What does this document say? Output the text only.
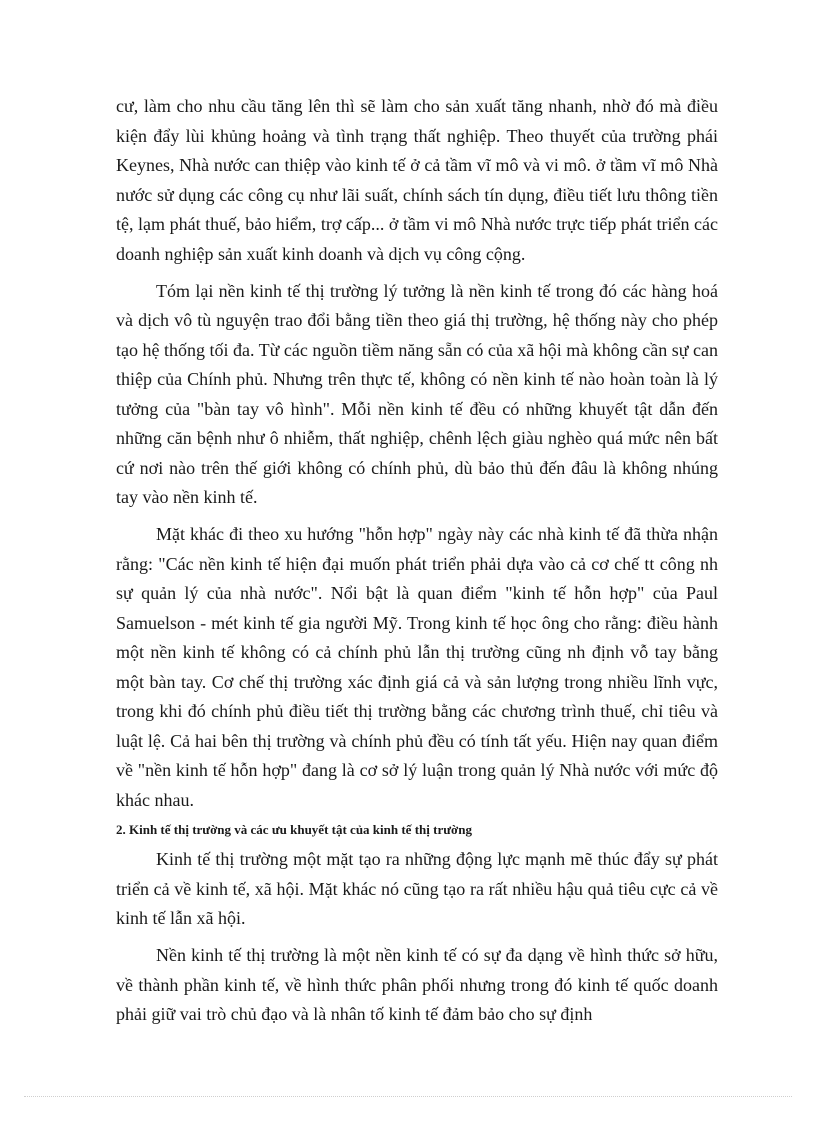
cư, làm cho nhu cầu tăng lên thì sẽ làm cho sản xuất tăng nhanh, nhờ đó mà điều kiện đẩy lùi khủng hoảng và tình trạng thất nghiệp. Theo thuyết của trường phái Keynes, Nhà nước can thiệp vào kinh tế ở cả tầm vĩ mô và vi mô. ở tầm vĩ mô Nhà nước sử dụng các công cụ như lãi suất, chính sách tín dụng, điều tiết lưu thông tiền tệ, lạm phát thuế, bảo hiểm, trợ cấp... ở tầm vi mô Nhà nước trực tiếp phát triển các doanh nghiệp sản xuất kinh doanh và dịch vụ công cộng.

Tóm lại nền kinh tế thị trường lý tưởng là nền kinh tế trong đó các hàng hoá và dịch vô tù nguyện trao đổi bằng tiền theo giá thị trường, hệ thống này cho phép tạo hệ thống tối đa. Từ các nguồn tiềm năng sẵn có của xã hội mà không cần sự can thiệp của Chính phủ. Nhưng trên thực tế, không có nền kinh tế nào hoàn toàn là lý tưởng của "bàn tay vô hình". Mỗi nền kinh tế đều có những khuyết tật dẫn đến những căn bệnh như ô nhiễm, thất nghiệp, chênh lệch giàu nghèo quá mức nên bất cứ nơi nào trên thế giới không có chính phủ, dù bảo thủ đến đâu là không nhúng tay vào nền kinh tế.

Mặt khác đi theo xu hướng "hỗn hợp" ngày này các nhà kinh tế đã thừa nhận rằng: "Các nền kinh tế hiện đại muốn phát triển phải dựa vào cả cơ chế tt công nh sự quản lý của nhà nước". Nổi bật là quan điểm "kinh tế hỗn hợp" của Paul Samuelson - mét kinh tế gia người Mỹ. Trong kinh tế học ông cho rằng: điều hành một nền kinh tế không có cả chính phủ lẫn thị trường cũng nh định vỗ tay bằng một bàn tay. Cơ chế thị trường xác định giá cả và sản lượng trong nhiều lĩnh vực, trong khi đó chính phủ điều tiết thị trường bằng các chương trình thuế, chỉ tiêu và luật lệ. Cả hai bên thị trường và chính phủ đều có tính tất yếu. Hiện nay quan điểm về "nền kinh tế hỗn hợp" đang là cơ sở lý luận trong quản lý Nhà nước với mức độ khác nhau.

2. Kinh tế thị trường và các ưu khuyết tật của kinh tế thị trường

Kinh tế thị trường một mặt tạo ra những động lực mạnh mẽ thúc đẩy sự phát triển cả về kinh tế, xã hội. Mặt khác nó cũng tạo ra rất nhiều hậu quả tiêu cực cả về kinh tế lẫn xã hội.

Nền kinh tế thị trường là một nền kinh tế có sự đa dạng về hình thức sở hữu, về thành phần kinh tế, về hình thức phân phối nhưng trong đó kinh tế quốc doanh phải giữ vai trò chủ đạo và là nhân tố kinh tế đảm bảo cho sự định
